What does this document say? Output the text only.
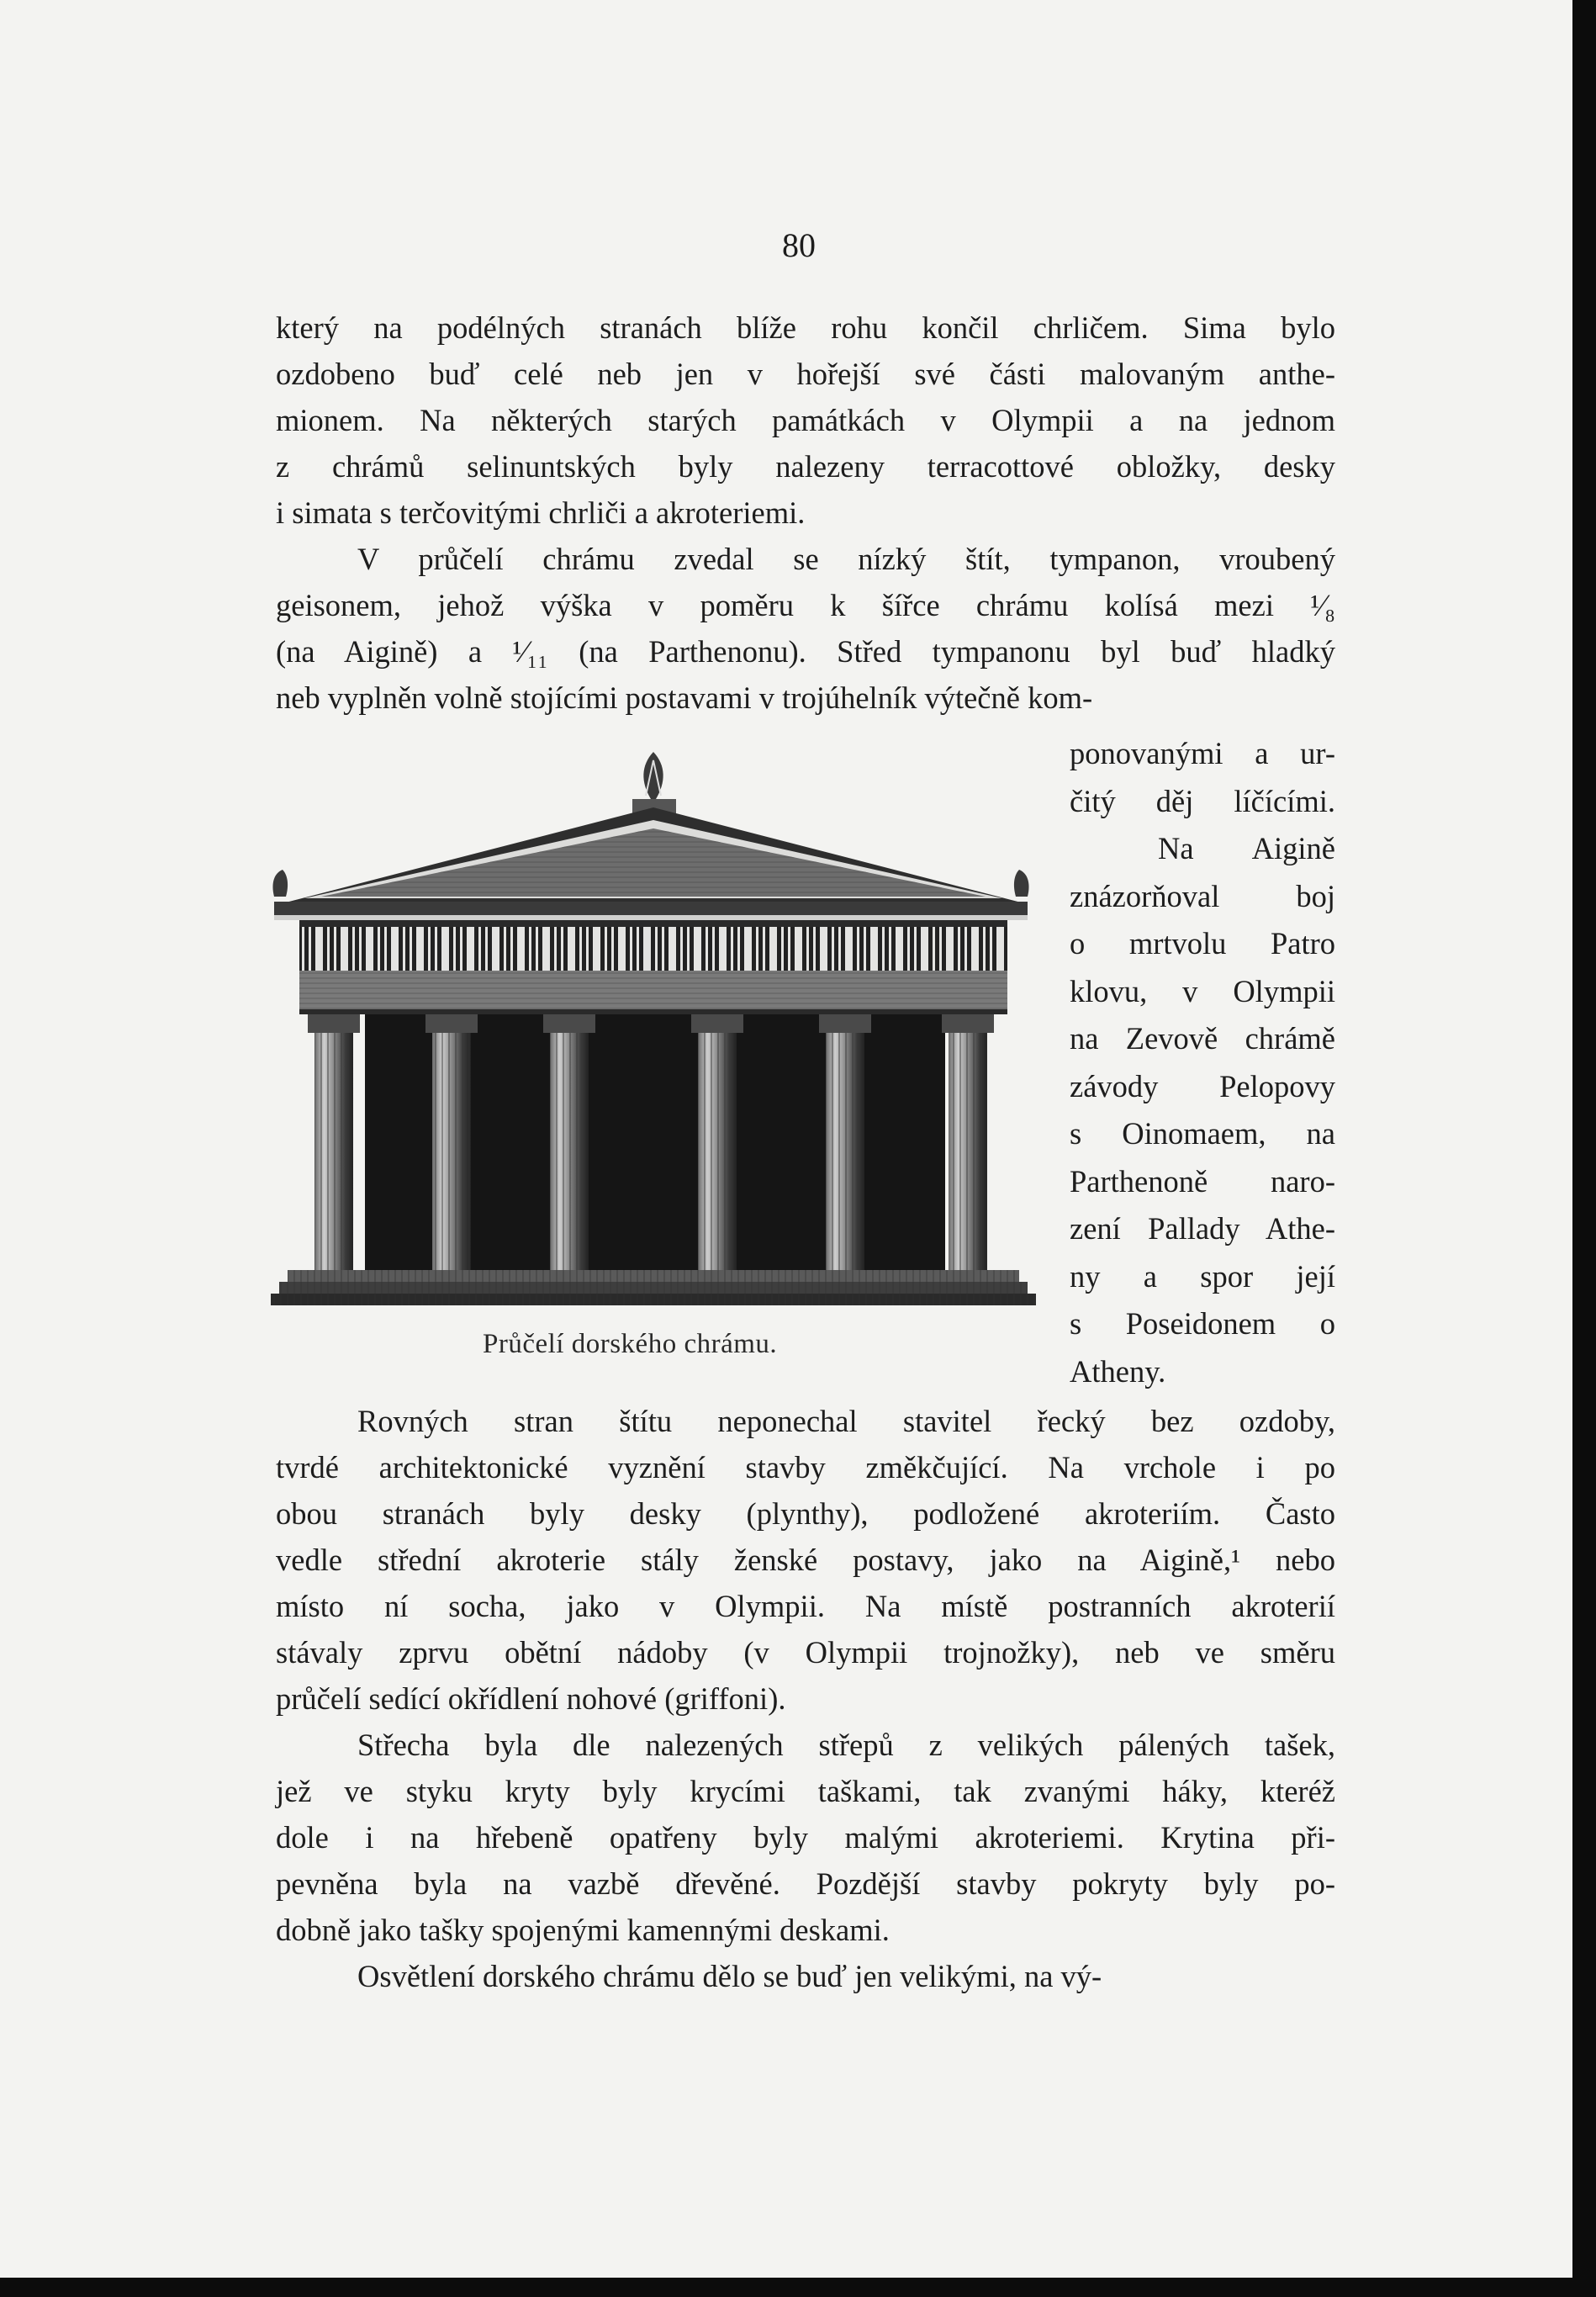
80

který na podélných stranách blíže rohu končil chrličem. Sima bylo
ozdobeno buď celé neb jen v hořejší své části malovaným anthe-
mionem. Na některých starých památkách v Olympii a na jednom
z chrámů selinuntských byly nalezeny terracottové obložky, desky
i simata s terčovitými chrliči a akroteriemi.

V průčelí chrámu zvedal se nízký štít, tympanon, vroubený
geisonem, jehož výška v poměru k šířce chrámu kolísá mezi ¹⁄₈
(na Aigině) a ¹⁄₁₁ (na Parthenonu). Střed tympanonu byl buď hladký
neb vyplněn volně stojícími postavami v trojúhelník výtečně kom-

ponovanými a ur-
čitý děj líčícími.
Na Aigině
znázorňoval boj
o mrtvolu Patro
klovu, v Olympii
na Zevově chrámě
závody Pelopovy
s Oinomaem, na
Parthenoně naro-
zení Pallady Athe-
ny a spor její
s Poseidonem o
Atheny.
Průčelí dorského chrámu.

Rovných stran štítu neponechal stavitel řecký bez ozdoby,
tvrdé architektonické vyznění stavby změkčující. Na vrchole i po
obou stranách byly desky (plynthy), podložené akroteriím. Často
vedle střední akroterie stály ženské postavy, jako na Aigině,¹ nebo
místo ní socha, jako v Olympii. Na místě postranních akroterií
stávaly zprvu obětní nádoby (v Olympii trojnožky), neb ve směru
průčelí sedící okřídlení nohové (griffoni).

Střecha byla dle nalezených střepů z velikých pálených tašek,
jež ve styku kryty byly krycími taškami, tak zvanými háky, kteréž
dole i na hřebeně opatřeny byly malými akroteriemi. Krytina při-
pevněna byla na vazbě dřevěné. Pozdější stavby pokryty byly po-
dobně jako tašky spojenými kamennými deskami.

Osvětlení dorského chrámu dělo se buď jen velikými, na vý-
